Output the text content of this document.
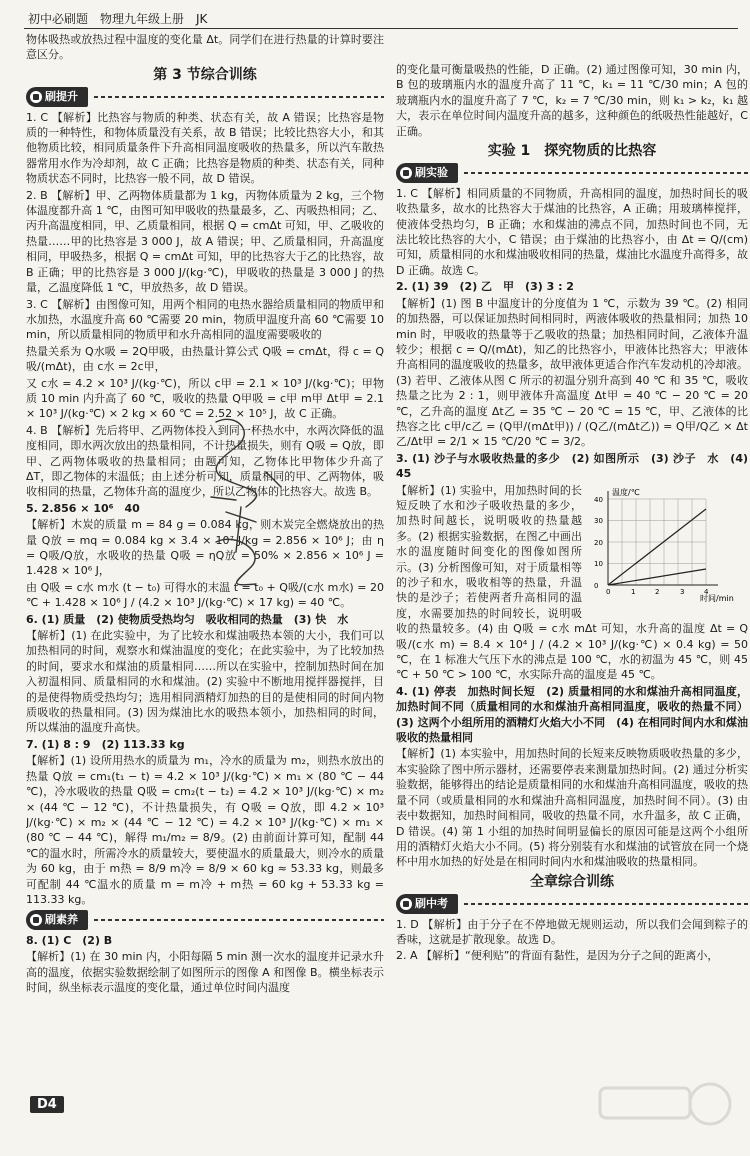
初中必刷题　物理九年级上册　JK

物体吸热或放热过程中温度的变化量 Δt。同学们在进行热量的计算时要注意区分。

第 3 节综合训练
刷提升

1. C 【解析】比热容与物质的种类、状态有关，故 A 错误；比热容是物质的一种特性，和物体质量没有关系，故 B 错误；比较比热容大小，和其他物质比较，相同质量条件下升高相同温度吸收的热量多，所以汽车散热器常用水作为冷却剂，故 C 正确；比热容是物质的种类、状态有关，同种物质状态不同时，比热容一般不同，故 D 错误。

2. B 【解析】甲、乙两物体质量都为 1 kg，丙物体质量为 2 kg，三个物体温度都升高 1 ℃，由图可知甲吸收的热量最多，乙、丙吸热相同；乙、丙升高温度相同，甲、乙质量相同，根据 Q = cmΔt 可知，甲、乙吸收的热量……甲的比热容是 3 000 J，故 A 错误；甲、乙质量相同，升高温度相同，甲吸热多，根据 Q = cmΔt 可知，甲的比热容大于乙的比热容，故 B 正确；甲的比热容是 3 000 J/(kg·℃)，甲吸收的热量是 3 000 J 的热量，乙温度降低 1 ℃，甲放热多，故 D 错误。

3. C 【解析】由图像可知，用两个相同的电热水器给质量相同的物质甲和水加热，水温度升高 60 ℃需要 20 min，物质甲温度升高 60 ℃需要 10 min，所以质量相同的物质甲和水升高相同的温度需要吸收的

热量关系为 Q水吸 = 2Q甲吸，由热量计算公式 Q吸 = cmΔt，得 c = Q吸/(mΔt)，由 c水 = 2c甲，

又 c水 = 4.2 × 10³ J/(kg·℃)，所以 c甲 = 2.1 × 10³ J/(kg·℃)；甲物质 10 min 内升高了 60 ℃，吸收的热量 Q甲吸 = c甲 m甲 Δt甲 = 2.1 × 10³ J/(kg·℃) × 2 kg × 60 ℃ = 2.52 × 10⁵ J，故 C 正确。

4. B 【解析】先后将甲、乙两物体投入到同一杯热水中，水两次降低的温度相同，即水两次放出的热量相同，不计热量损失，则有 Q吸 = Q放，即甲、乙两物体吸收的热量相同；由题可知，乙物体比甲物体少升高了 ΔT，即乙物体的末温低；由上述分析可知，质量相同的甲、乙两物体，吸收相同的热量，乙物体升高的温度少，所以乙物体的比热容大。故选 B。

5. 2.856 × 10⁶　40

【解析】木炭的质量 m = 84 g = 0.084 kg，则木炭完全燃烧放出的热量 Q放 = mq = 0.084 kg × 3.4 × 10⁷ J/kg = 2.856 × 10⁶ J；由 η = Q吸/Q放，水吸收的热量 Q吸 = ηQ放 = 50% × 2.856 × 10⁶ J = 1.428 × 10⁶ J，

由 Q吸 = c水 m水 (t − t₀) 可得水的末温 t = t₀ + Q吸/(c水 m水) = 20 ℃ + 1.428 × 10⁶ J / (4.2 × 10³ J/(kg·℃) × 17 kg) = 40 ℃。

6. (1) 质量　(2) 使物质受热均匀　吸收相同的热量　(3) 快　水

【解析】(1) 在此实验中，为了比较水和煤油吸热本领的大小，我们可以加热相同的时间，观察水和煤油温度的变化；在此实验中，为了比较加热的时间，要求水和煤油的质量相同……所以在实验中，控制加热时间在加入初温相同、质量相同的水和煤油。(2) 实验中不断地用搅拌器搅拌，目的是使得物质受热均匀；选用相同酒精灯加热的目的是使相同的时间内物质吸收的热量相同。(3) 因为煤油比水的吸热本领小，加热相同的时间，所以煤油的温度升高快。

7. (1) 8 : 9　(2) 113.33 kg

【解析】(1) 设所用热水的质量为 m₁，冷水的质量为 m₂，则热水放出的热量 Q放 = cm₁(t₁ − t) = 4.2 × 10³ J/(kg·℃) × m₁ × (80 ℃ − 44 ℃)，冷水吸收的热量 Q吸 = cm₂(t − t₂) = 4.2 × 10³ J/(kg·℃) × m₂ × (44 ℃ − 12 ℃)，不计热量损失，有 Q吸 = Q放，即 4.2 × 10³ J/(kg·℃) × m₂ × (44 ℃ − 12 ℃) = 4.2 × 10³ J/(kg·℃) × m₁ × (80 ℃ − 44 ℃)，解得 m₁/m₂ = 8/9。(2) 由前面计算可知，配制 44 ℃的温水时，所需冷水的质量较大，要使温水的质量最大，则冷水的质量为 60 kg，由于 m热 = 8/9 m冷 = 8/9 × 60 kg ≈ 53.33 kg，则最多可配制 44 ℃温水的质量 m = m冷 + m热 = 60 kg + 53.33 kg = 113.33 kg。

刷素养

8. (1) C　(2) B

【解析】(1) 在 30 min 内，小阳每隔 5 min 测一次水的温度并记录水升高的温度，依据实验数据绘制了如图所示的图像 A 和图像 B。横坐标表示时间，纵坐标表示温度的变化量，通过单位时间内温度

的变化量可衡量吸热的性能，D 正确。(2) 通过图像可知，30 min 内，B 包的玻璃瓶内水的温度升高了 11 ℃，k₁ = 11 ℃/30 min；A 包的玻璃瓶内水的温度升高了 7 ℃，k₂ = 7 ℃/30 min，则 k₁ > k₂，k₁ 越大，表示在单位时间内温度升高的越多，这种颜色的纸吸热性能越好，C 正确。

实验 1　探究物质的比热容
刷实验

1. C 【解析】相同质量的不同物质，升高相同的温度，加热时间长的吸收热量多，故水的比热容大于煤油的比热容，A 正确；用玻璃棒搅拌，使液体受热均匀，B 正确；水和煤油的沸点不同，加热时间也不同，无法比较比热容的大小，C 错误；由于煤油的比热容小，由 Δt = Q/(cm) 可知，质量相同的水和煤油吸收相同的热量，煤油比水温度升高得多，故 D 正确。故选 C。

2. (1) 39　(2) 乙　甲　(3) 3 : 2

【解析】(1) 图 B 中温度计的分度值为 1 ℃，示数为 39 ℃。(2) 相同的加热器，可以保证加热时间相同时，两液体吸收的热量相同；加热 10 min 时，甲吸收的热量等于乙吸收的热量；加热相同时间，乙液体升温较少；根据 c = Q/(mΔt)，知乙的比热容小，甲液体比热容大；甲液体升高相同的温度吸收的热量多，故甲液体更适合作汽车发动机的冷却液。(3) 若甲、乙液体从图 C 所示的初温分别升高到 40 ℃ 和 35 ℃，吸收热量之比为 2 : 1，则甲液体升高温度 Δt甲 = 40 ℃ − 20 ℃ = 20 ℃，乙升高的温度 Δt乙 = 35 ℃ − 20 ℃ = 15 ℃，甲、乙液体的比热容之比 c甲/c乙 = (Q甲/(mΔt甲)) / (Q乙/(mΔt乙)) = Q甲/Q乙 × Δt乙/Δt甲 = 2/1 × 15 ℃/20 ℃ = 3/2。

3. (1) 沙子与水吸收热量的多少　(2) 如图所示　(3) 沙子　水　(4) 45

温度/℃
时间/min
0
10
20
30
40
0	1	2	3	4

【解析】(1) 实验中，用加热时间的长短反映了水和沙子吸收热量的多少，加热时间越长，说明吸收的热量越多。(2) 根据实验数据，在图乙中画出水的温度随时间变化的图像如图所示。(3) 分析图像可知，对于质量相等的沙子和水，吸收相等的热量，升温快的是沙子；若使两者升高相同的温度，水需要加热的时间较长，说明吸收的热量较多。(4) 由 Q吸 = c水 mΔt 可知，水升高的温度 Δt = Q吸/(c水 m) = 8.4 × 10⁴ J / (4.2 × 10³ J/(kg·℃) × 0.4 kg) = 50 ℃，在 1 标准大气压下水的沸点是 100 ℃，水的初温为 45 ℃，则 45 ℃ + 50 ℃ > 100 ℃，水实际升高的温度是 45 ℃。

4. (1) 停表　加热时间长短　(2) 质量相同的水和煤油升高相同温度，加热时间不同（质量相同的水和煤油升高相同温度，吸收的热量不同）(3) 这两个小组所用的酒精灯火焰大小不同　(4) 在相同时间内水和煤油吸收的热量相同

【解析】(1) 本实验中，用加热时间的长短来反映物质吸收热量的多少，本实验除了图中所示器材，还需要停表来测量加热时间。(2) 通过分析实验数据，能够得出的结论是质量相同的水和煤油升高相同温度，吸收的热量不同（或质量相同的水和煤油升高相同温度，加热时间不同）。(3) 由表中数据知，加热时间相同，吸收的热量不同，水升温多，故 C 正确，D 错误。(4) 第 1 小组的加热时间明显偏长的原因可能是这两个小组所用的酒精灯火焰大小不同。(5) 将分别装有水和煤油的试管放在同一个烧杯中用水加热的好处是在相同时间内水和煤油吸收的热量相同。

全章综合训练
刷中考

1. D 【解析】由于分子在不停地做无规则运动，所以我们会闻到粽子的香味，这就是扩散现象。故选 D。

2. A 【解析】“便利贴”的背面有黏性，是因为分子之间的距离小，

D4
